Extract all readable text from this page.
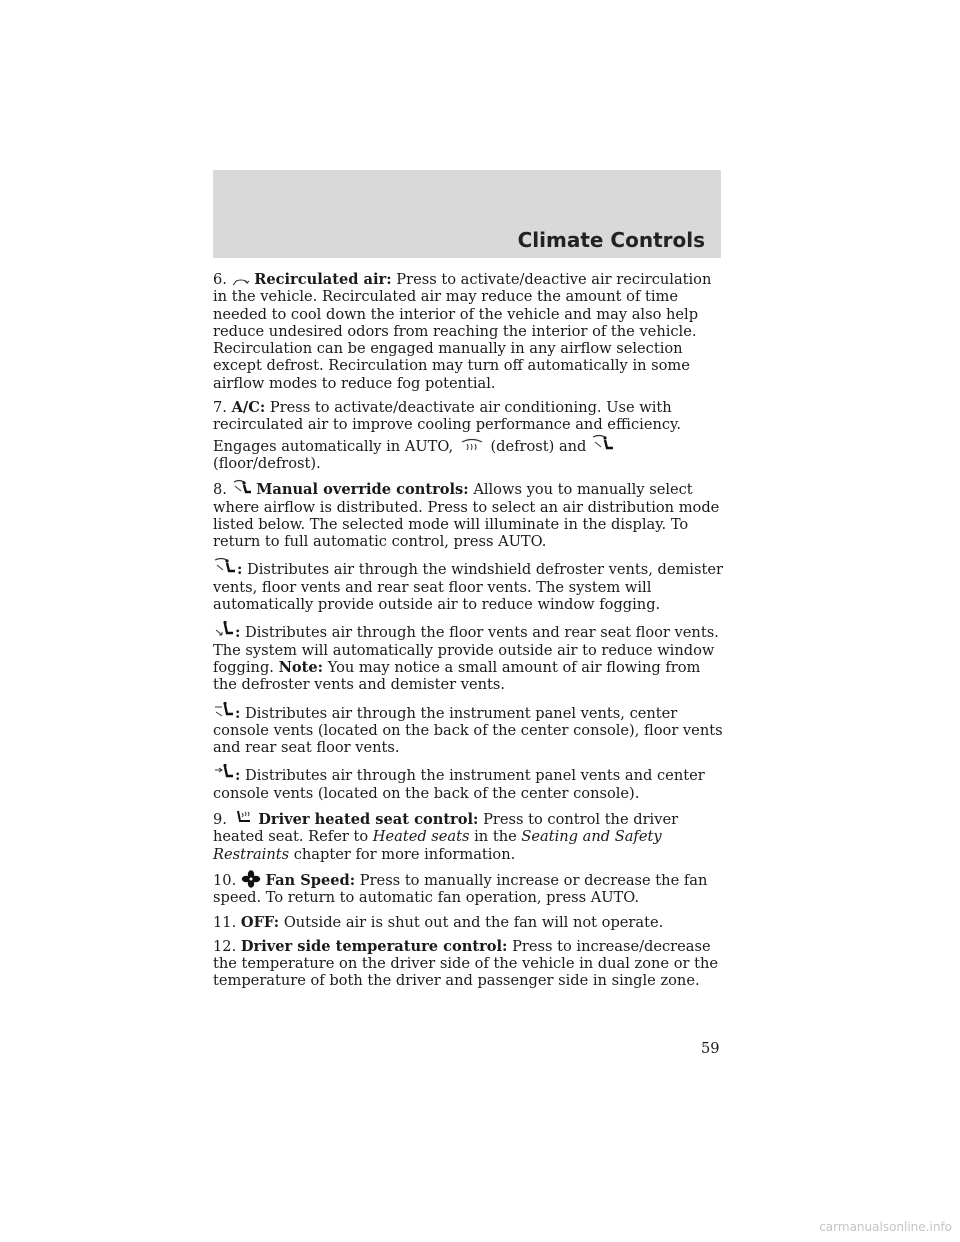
Climate Controls

6. Recirculated air: Press to activate/deactive air recirculation in the vehicle. Recirculated air may reduce the amount of time needed to cool down the interior of the vehicle and may also help reduce undesired odors from reaching the interior of the vehicle. Recirculation can be engaged manually in any airflow selection except defrost. Recirculation may turn off automatically in some airflow modes to reduce fog potential.

7. A/C: Press to activate/deactivate air conditioning. Use with recirculated air to improve cooling performance and efficiency. Engages automatically in AUTO,	(defrost) and
(floor/defrost).

8. Manual override controls: Allows you to manually select where airflow is distributed. Press to select an air distribution mode listed below. The selected mode will illuminate in the display. To return to full automatic control, press AUTO.

: Distributes air through the windshield defroster vents, demister vents, floor vents and rear seat floor vents. The system will automatically provide outside air to reduce window fogging.

: Distributes air through the floor vents and rear seat floor vents. The system will automatically provide outside air to reduce window fogging. Note: You may notice a small amount of air flowing from the defroster vents and demister vents.

: Distributes air through the instrument panel vents, center console vents (located on the back of the center console), floor vents and rear seat floor vents.

: Distributes air through the instrument panel vents and center console vents (located on the back of the center console).

9. Driver heated seat control: Press to control the driver heated seat. Refer to Heated seats in the Seating and Safety Restraints chapter for more information.

10. Fan Speed: Press to manually increase or decrease the fan speed. To return to automatic fan operation, press AUTO.

11. OFF: Outside air is shut out and the fan will not operate.

12. Driver side temperature control: Press to increase/decrease the temperature on the driver side of the vehicle in dual zone or the temperature of both the driver and passenger side in single zone.

59
carmanualsonline.info
